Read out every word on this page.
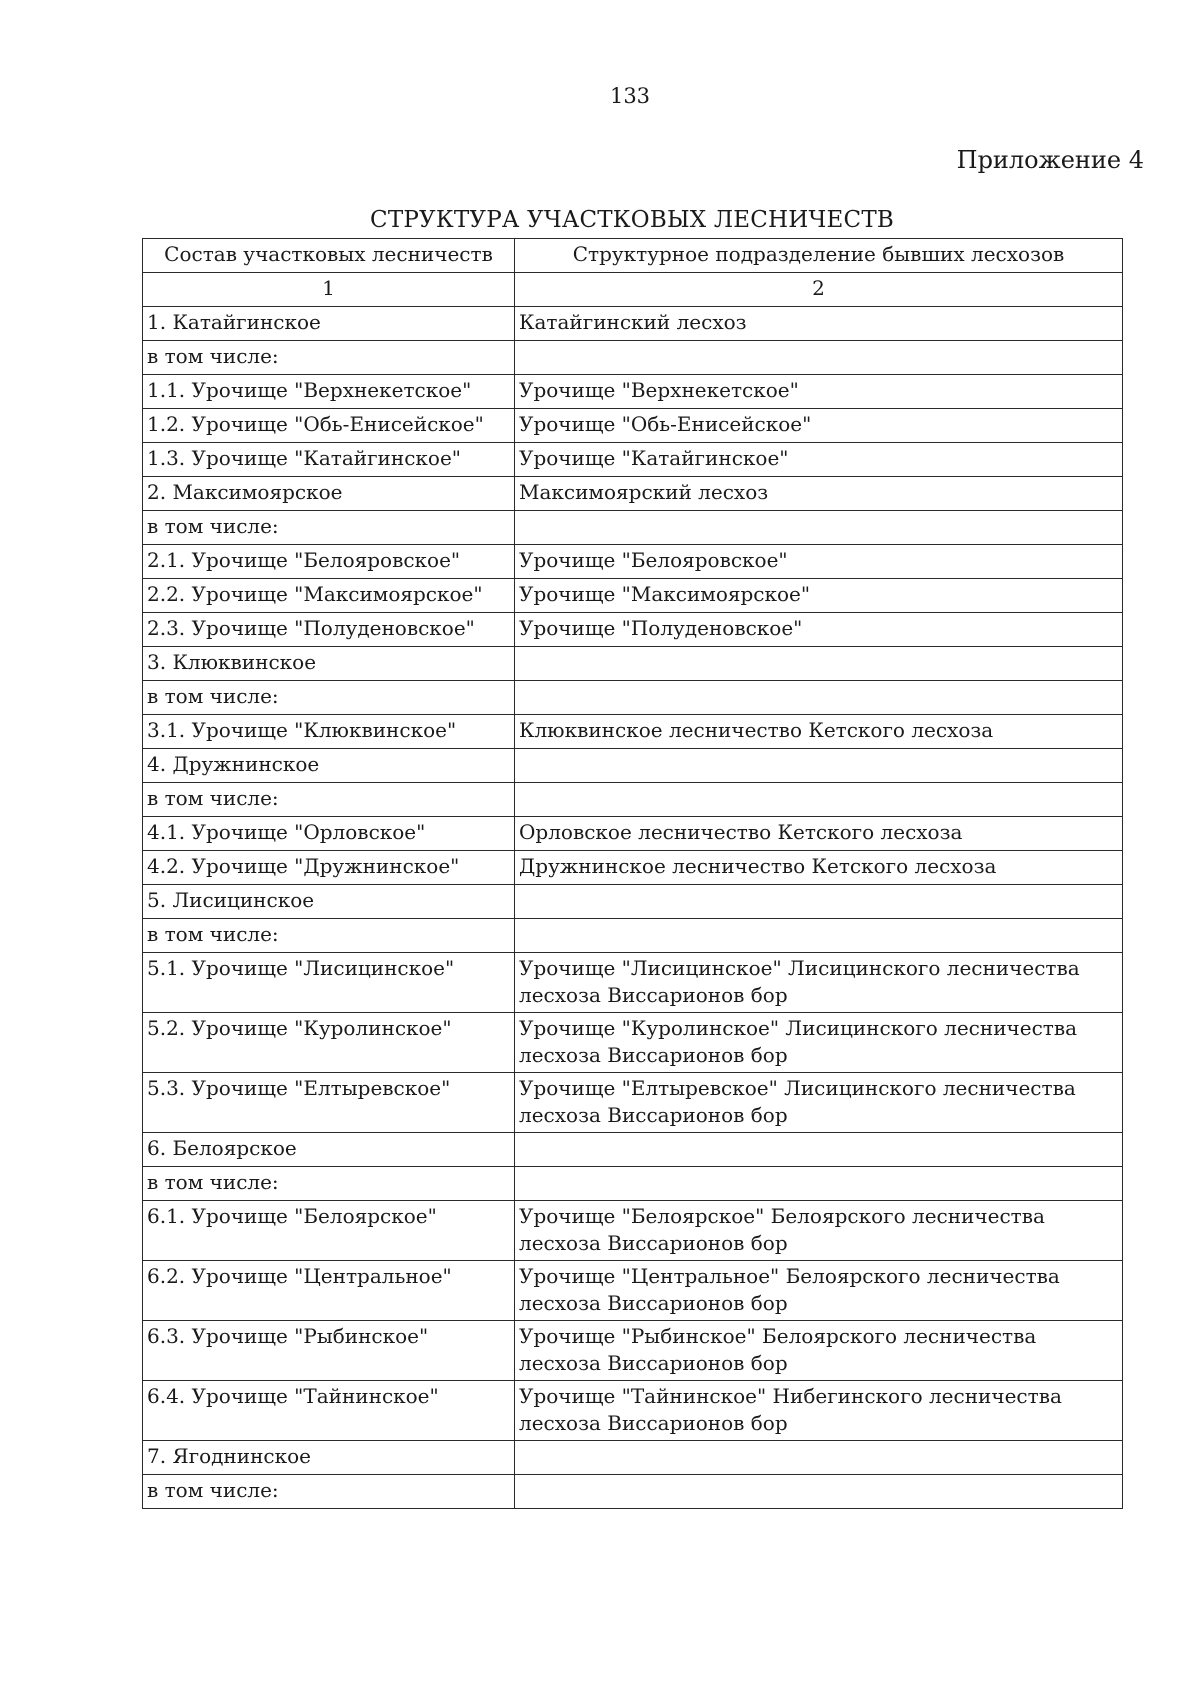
133
Приложение 4
СТРУКТУРА УЧАСТКОВЫХ ЛЕСНИЧЕСТВ
Состав участковых лесничеств	Структурное подразделение бывших лесхозов
1	2
1. Катайгинское	Катайгинский лесхоз
в том числе:	
1.1. Урочище "Верхнекетское"	Урочище "Верхнекетское"
1.2. Урочище "Обь-Енисейское"	Урочище "Обь-Енисейское"
1.3. Урочище "Катайгинское"	Урочище "Катайгинское"
2. Максимоярское	Максимоярский лесхоз
в том числе:	
2.1. Урочище "Белояровское"	Урочище "Белояровское"
2.2. Урочище "Максимоярское"	Урочище "Максимоярское"
2.3. Урочище "Полуденовское"	Урочище "Полуденовское"
3. Клюквинское	
в том числе:	
3.1. Урочище "Клюквинское"	Клюквинское лесничество Кетского лесхоза
4. Дружнинское	
в том числе:	
4.1. Урочище "Орловское"	Орловское лесничество Кетского лесхоза
4.2. Урочище "Дружнинское"	Дружнинское лесничество Кетского лесхоза
5. Лисицинское	
в том числе:	
5.1. Урочище "Лисицинское"	Урочище "Лисицинское" Лисицинского лесничества лесхоза Виссарионов бор
5.2. Урочище "Куролинское"	Урочище "Куролинское" Лисицинского лесничества лесхоза Виссарионов бор
5.3. Урочище "Елтыревское"	Урочище "Елтыревское" Лисицинского лесничества лесхоза Виссарионов бор
6. Белоярское	
в том числе:	
6.1. Урочище "Белоярское"	Урочище "Белоярское" Белоярского лесничества лесхоза Виссарионов бор
6.2. Урочище "Центральное"	Урочище "Центральное" Белоярского лесничества лесхоза Виссарионов бор
6.3. Урочище "Рыбинское"	Урочище "Рыбинское" Белоярского лесничества лесхоза Виссарионов бор
6.4. Урочище "Тайнинское"	Урочище "Тайнинское" Нибегинского лесничества лесхоза Виссарионов бор
7. Ягоднинское	
в том числе:	
